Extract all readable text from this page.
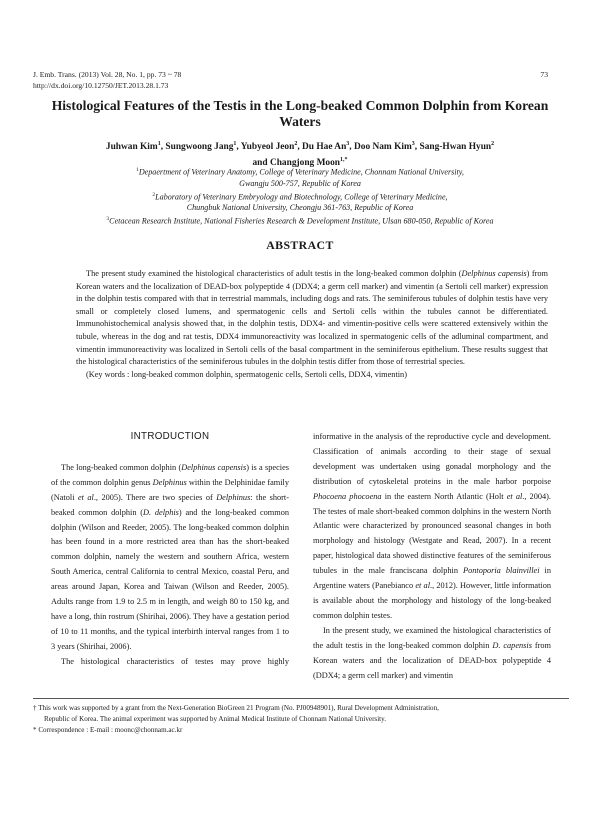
J. Emb. Trans. (2013) Vol. 28, No. 1, pp. 73 ~ 78
http://dx.doi.org/10.12750/JET.2013.28.1.73
73
Histological Features of the Testis in the Long-beaked Common Dolphin from Korean Waters
Juhwan Kim$^1$, Sungwoong Jang$^1$, Yubyeol Jeon$^2$, Du Hae An$^3$, Doo Nam Kim$^3$, Sang-Hwan Hyun$^2$
and Changjong Moon$^{1,*}$
$^1$Depaertment of Veterinary Anatomy, College of Veterinary Medicine, Chonnam National University,
Gwangju 500-757, Republic of Korea
$^2$Laboratory of Veterinary Embryology and Biotechnology, College of Veterinary Medicine,
Chungbuk National University, Cheongju 361-763, Republic of Korea
$^3$Cetacean Research Institute, National Fisheries Research & Development Institute, Ulsan 680-050, Republic of Korea
ABSTRACT

The present study examined the histological characteristics of adult testis in the long-beaked common dolphin (Delphinus capensis) from Korean waters and the localization of DEAD-box polypeptide 4 (DDX4; a germ cell marker) and vimentin (a Sertoli cell marker) expression in the dolphin testis compared with that in terrestrial mammals, including dogs and rats. The seminiferous tubules of dolphin testis have very small or completely closed lumens, and spermatogenic cells and Sertoli cells within the tubules cannot be differentiated. Immunohistochemical analysis showed that, in the dolphin testis, DDX4- and vimentin-positive cells were scattered extensively within the tubule, whereas in the dog and rat testis, DDX4 immunoreactivity was localized in spermatogenic cells of the adluminal compartment, and vimentin immunoreactivity was localized in Sertoli cells of the basal compartment in the seminiferous epithelium. These results suggest that the histological characteristics of the seminiferous tubules in the dolphin testis differ from those of terrestrial species.

(Key words : long-beaked common dolphin, spermatogenic cells, Sertoli cells, DDX4, vimentin)

INTRODUCTION

The long-beaked common dolphin (Delphinus capensis) is a species of the common dolphin genus Delphinus within the Delphinidae family (Natoli et al., 2005). There are two species of Delphinus: the short-beaked common dolphin (D. delphis) and the long-beaked common dolphin (Wilson and Reeder, 2005). The long-beaked common dolphin has been found in a more restricted area than has the short-beaked common dolphin, namely the western and southern Africa, western South America, central California to central Mexico, coastal Peru, and areas around Japan, Korea and Taiwan (Wilson and Reeder, 2005). Adults range from 1.9 to 2.5 m in length, and weigh 80 to 150 kg, and have a long, thin rostrum (Shirihai, 2006). They have a gestation period of 10 to 11 months, and the typical interbirth interval ranges from 1 to 3 years (Shirihai, 2006).

The histological characteristics of testes may prove highly

informative in the analysis of the reproductive cycle and development. Classification of animals according to their stage of sexual development was undertaken using gonadal morphology and the distribution of cytoskeletal proteins in the male harbor porpoise Phocoena phocoena in the eastern North Atlantic (Holt et al., 2004). The testes of male short-beaked common dolphins in the western North Atlantic were characterized by pronounced seasonal changes in both morphology and histology (Westgate and Read, 2007). In a recent paper, histological data showed distinctive features of the seminiferous tubules in the male franciscana dolphin Pontoporia blainvillei in Argentine waters (Panebianco et al., 2012). However, little information is available about the morphology and histology of the long-beaked common dolphin testes.

In the present study, we examined the histological characteristics of the adult testis in the long-beaked common dolphin D. capensis from Korean waters and the localization of DEAD-box polypeptide 4 (DDX4; a germ cell marker) and vimentin

† This work was supported by a grant from the Next-Generation BioGreen 21 Program (No. PJ00948901), Rural Development Administration,

Republic of Korea. The animal experiment was supported by Animal Medical Institute of Chonnam National University.

* Correspondence : E-mail : moonc@chonnam.ac.kr
